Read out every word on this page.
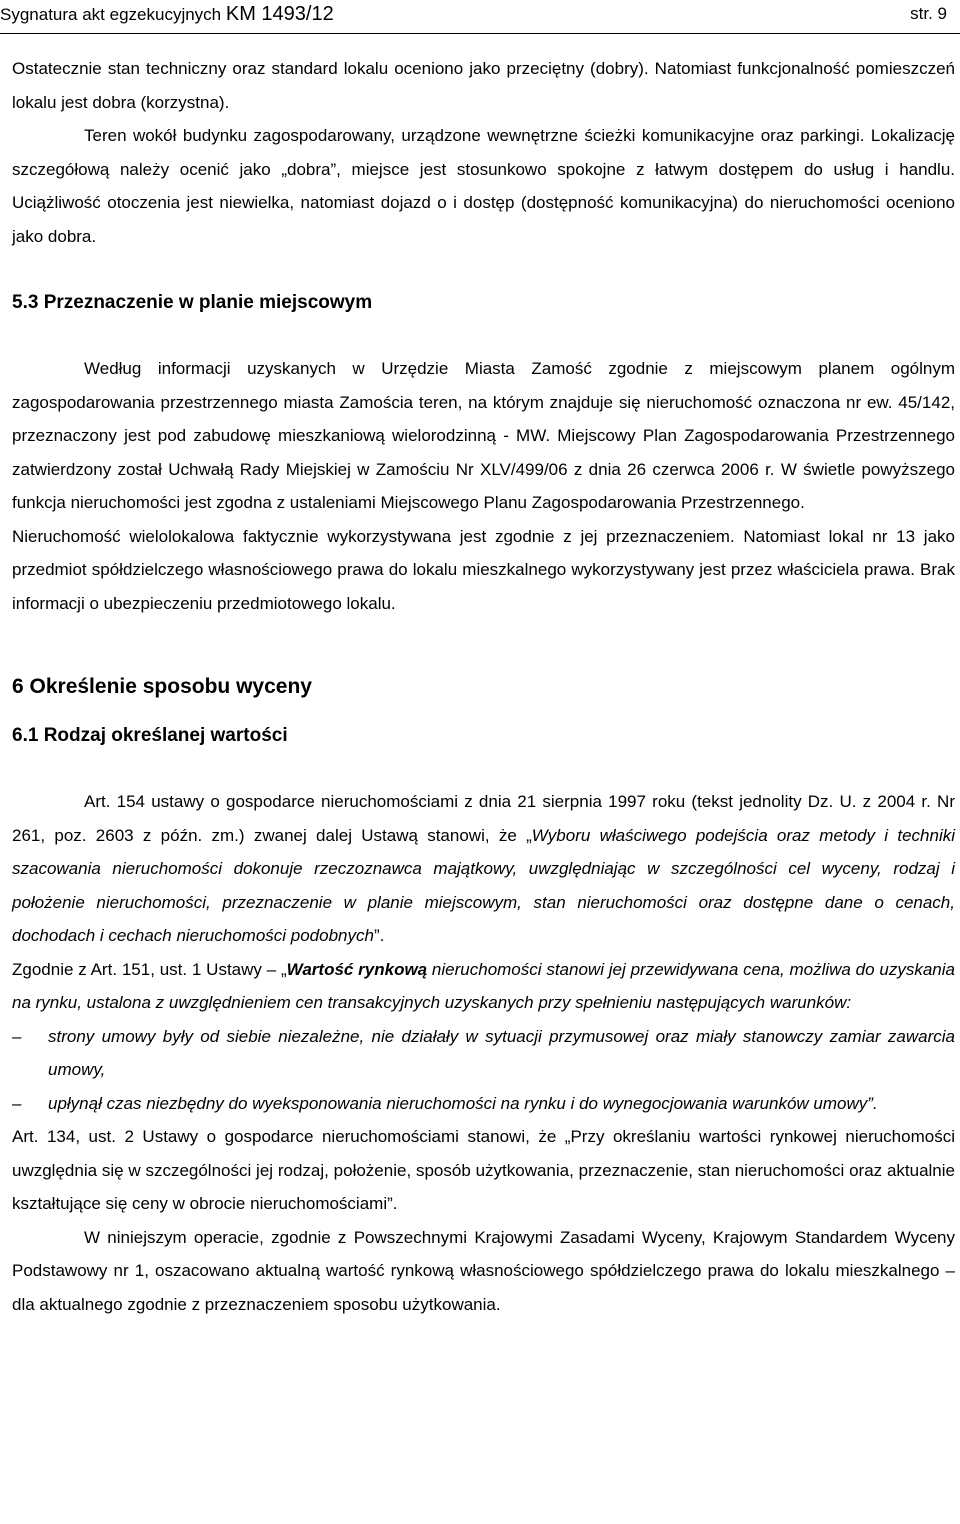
Sygnatura akt egzekucyjnych KM 1493/12	str. 9

Ostatecznie stan techniczny oraz standard lokalu oceniono jako przeciętny (dobry). Natomiast funkcjonalność pomieszczeń lokalu jest dobra (korzystna).

Teren wokół budynku zagospodarowany, urządzone wewnętrzne ścieżki komunikacyjne oraz parkingi. Lokalizację szczegółową należy ocenić jako „dobra”, miejsce jest stosunkowo spokojne z łatwym dostępem do usług i handlu. Uciążliwość otoczenia jest niewielka, natomiast dojazd o i dostęp (dostępność komunikacyjna) do nieruchomości oceniono jako dobra.

5.3 Przeznaczenie w planie miejscowym

Według informacji uzyskanych w Urzędzie Miasta Zamość zgodnie z miejscowym planem ogólnym zagospodarowania przestrzennego miasta Zamościa teren, na którym znajduje się nieruchomość oznaczona nr ew. 45/142, przeznaczony jest pod zabudowę mieszkaniową wielorodzinną - MW. Miejscowy Plan Zagospodarowania Przestrzennego zatwierdzony został Uchwałą Rady Miejskiej w Zamościu Nr XLV/499/06 z dnia 26 czerwca 2006 r. W świetle powyższego funkcja nieruchomości jest zgodna z ustaleniami Miejscowego Planu Zagospodarowania Przestrzennego.

Nieruchomość wielolokalowa faktycznie wykorzystywana jest zgodnie z jej przeznaczeniem. Natomiast lokal nr 13 jako przedmiot spółdzielczego własnościowego prawa do lokalu mieszkalnego wykorzystywany jest przez właściciela prawa. Brak informacji o ubezpieczeniu przedmiotowego lokalu.

6 Określenie sposobu wyceny
6.1 Rodzaj określanej wartości

Art. 154 ustawy o gospodarce nieruchomościami z dnia 21 sierpnia 1997 roku (tekst jednolity Dz. U. z 2004 r. Nr 261, poz. 2603 z późn. zm.) zwanej dalej Ustawą stanowi, że „Wyboru właściwego podejścia oraz metody i techniki szacowania nieruchomości dokonuje rzeczoznawca majątkowy, uwzględniając w szczególności cel wyceny, rodzaj i położenie nieruchomości, przeznaczenie w planie miejscowym, stan nieruchomości oraz dostępne dane o cenach, dochodach i cechach nieruchomości podobnych”.

Zgodnie z Art. 151, ust. 1 Ustawy – „Wartość rynkową nieruchomości stanowi jej przewidywana cena, możliwa do uzyskania na rynku, ustalona z uwzględnieniem cen transakcyjnych uzyskanych przy spełnieniu następujących warunków:

– strony umowy były od siebie niezależne, nie działały w sytuacji przymusowej oraz miały stanowczy zamiar zawarcia umowy,
– upłynął czas niezbędny do wyeksponowania nieruchomości na rynku i do wynegocjowania warunków umowy”.

Art. 134, ust. 2 Ustawy o gospodarce nieruchomościami stanowi, że „Przy określaniu wartości rynkowej nieruchomości uwzględnia się w szczególności jej rodzaj, położenie, sposób użytkowania, przeznaczenie, stan nieruchomości oraz aktualnie kształtujące się ceny w obrocie nieruchomościami”.

W niniejszym operacie, zgodnie z Powszechnymi Krajowymi Zasadami Wyceny, Krajowym Standardem Wyceny Podstawowy nr 1, oszacowano aktualną wartość rynkową własnościowego spółdzielczego prawa do lokalu mieszkalnego – dla aktualnego zgodnie z przeznaczeniem sposobu użytkowania.
